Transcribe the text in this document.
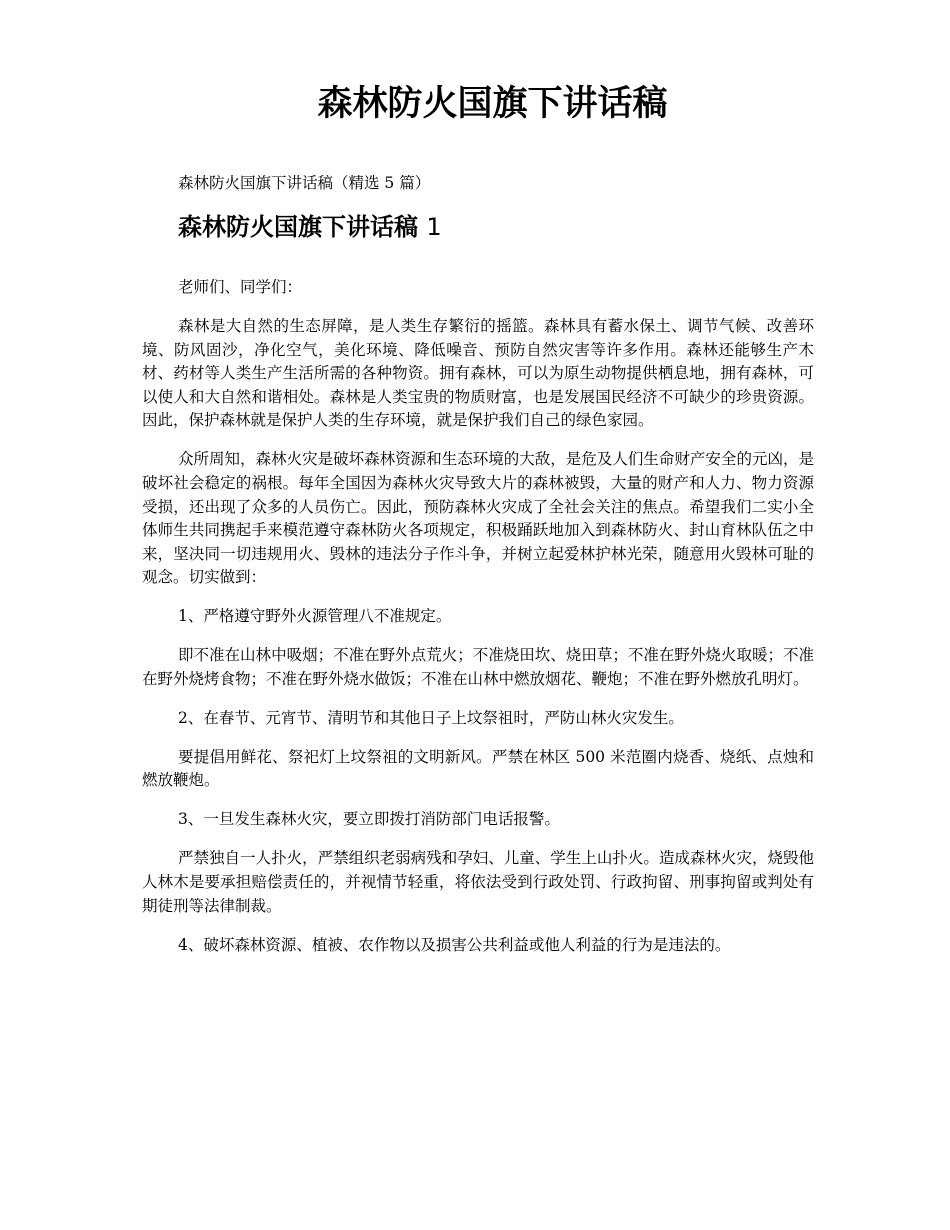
森林防火国旗下讲话稿

森林防火国旗下讲话稿（精选 5 篇）

森林防火国旗下讲话稿 1

老师们、同学们：

森林是大自然的生态屏障，是人类生存繁衍的摇篮。森林具有蓄水保土、调节气候、改善环境、防风固沙，净化空气，美化环境、降低噪音、预防自然灾害等许多作用。森林还能够生产木材、药材等人类生产生活所需的各种物资。拥有森林，可以为原生动物提供栖息地，拥有森林，可以使人和大自然和谐相处。森林是人类宝贵的物质财富，也是发展国民经济不可缺少的珍贵资源。因此，保护森林就是保护人类的生存环境，就是保护我们自己的绿色家园。

众所周知，森林火灾是破坏森林资源和生态环境的大敌，是危及人们生命财产安全的元凶，是破坏社会稳定的祸根。每年全国因为森林火灾导致大片的森林被毁，大量的财产和人力、物力资源受损，还出现了众多的人员伤亡。因此，预防森林火灾成了全社会关注的焦点。希望我们二实小全体师生共同携起手来模范遵守森林防火各项规定，积极踊跃地加入到森林防火、封山育林队伍之中来，坚决同一切违规用火、毁林的违法分子作斗争，并树立起爱林护林光荣，随意用火毁林可耻的观念。切实做到：

1、严格遵守野外火源管理八不准规定。

即不准在山林中吸烟；不准在野外点荒火；不准烧田坎、烧田草；不准在野外烧火取暖；不准在野外烧烤食物；不准在野外烧水做饭；不准在山林中燃放烟花、鞭炮；不准在野外燃放孔明灯。

2、在春节、元宵节、清明节和其他日子上坟祭祖时，严防山林火灾发生。

要提倡用鲜花、祭祀灯上坟祭祖的文明新风。严禁在林区 500 米范圈内烧香、烧纸、点烛和燃放鞭炮。

3、一旦发生森林火灾，要立即拨打消防部门电话报警。

严禁独自一人扑火，严禁组织老弱病残和孕妇、儿童、学生上山扑火。造成森林火灾，烧毁他人林木是要承担赔偿责任的，并视情节轻重，将依法受到行政处罚、行政拘留、刑事拘留或判处有期徒刑等法律制裁。

4、破坏森林资源、植被、农作物以及损害公共利益或他人利益的行为是违法的。
